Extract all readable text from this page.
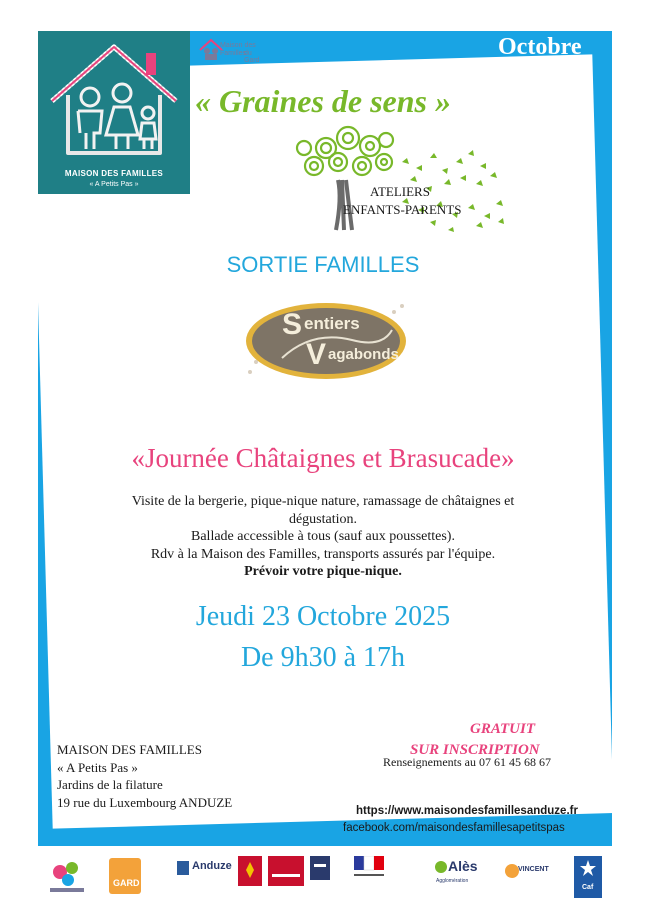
Octobre
MAISON DES FAMILLES
« A Petits Pas »
Maison des
Familles
du Gard
« Graines de sens »
ATELIERS
ENFANTS-PARENTS
SORTIE FAMILLES
S entiers
V agabonds
«Journée Châtaignes et Brasucade»

Visite de la bergerie, pique-nique nature, ramassage de châtaignes et

dégustation.

Ballade accessible à tous (sauf aux poussettes).

Rdv à la Maison des Familles, transports assurés par l'équipe.

Prévoir votre pique-nique.

Jeudi 23 Octobre 2025
De 9h30 à 17h
GRATUIT
SUR INSCRIPTION
MAISON DES FAMILLES
« A Petits Pas »
Jardins de la filature
19 rue du Luxembourg ANDUZE
Renseignements au 07 61 45 68 67
https://www.maisondesfamillesanduze.fr
facebook.com/maisondesfamillesapetitspas
GARD
Anduze	Alès
Agglomération
VINCENT
Caf
